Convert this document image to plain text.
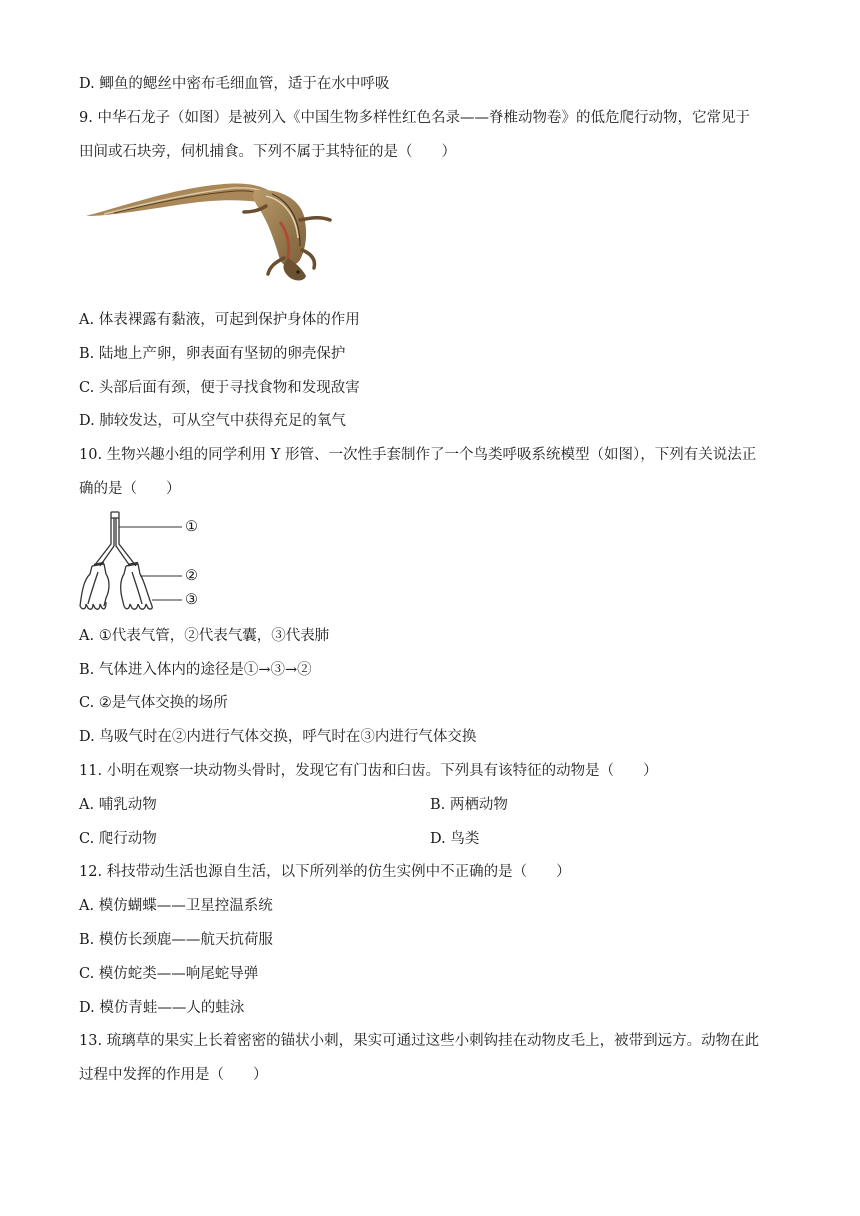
D. 鲫鱼的鳃丝中密布毛细血管，适于在水中呼吸
9. 中华石龙子（如图）是被列入《中国生物多样性红色名录——脊椎动物卷》的低危爬行动物，它常见于
田间或石块旁，伺机捕食。下列不属于其特征的是（　　）
A. 体表裸露有黏液，可起到保护身体的作用
B. 陆地上产卵，卵表面有坚韧的卵壳保护
C. 头部后面有颈，便于寻找食物和发现敌害
D. 肺较发达，可从空气中获得充足的氧气
10. 生物兴趣小组的同学利用 Y 形管、一次性手套制作了一个鸟类呼吸系统模型（如图），下列有关说法正
确的是（　　）
①
②
③
A. ①代表气管，②代表气囊，③代表肺
B. 气体进入体内的途径是①→③→②
C. ②是气体交换的场所
D. 鸟吸气时在②内进行气体交换，呼气时在③内进行气体交换
11. 小明在观察一块动物头骨时，发现它有门齿和臼齿。下列具有该特征的动物是（　　）
A. 哺乳动物	B. 两栖动物
C. 爬行动物	D. 鸟类
12. 科技带动生活也源自生活，以下所列举的仿生实例中不正确的是（　　）
A. 模仿蝴蝶——卫星控温系统
B. 模仿长颈鹿——航天抗荷服
C. 模仿蛇类——响尾蛇导弹
D. 模仿青蛙——人的蛙泳
13. 琉璃草的果实上长着密密的锚状小刺，果实可通过这些小刺钩挂在动物皮毛上，被带到远方。动物在此
过程中发挥的作用是（　　）
